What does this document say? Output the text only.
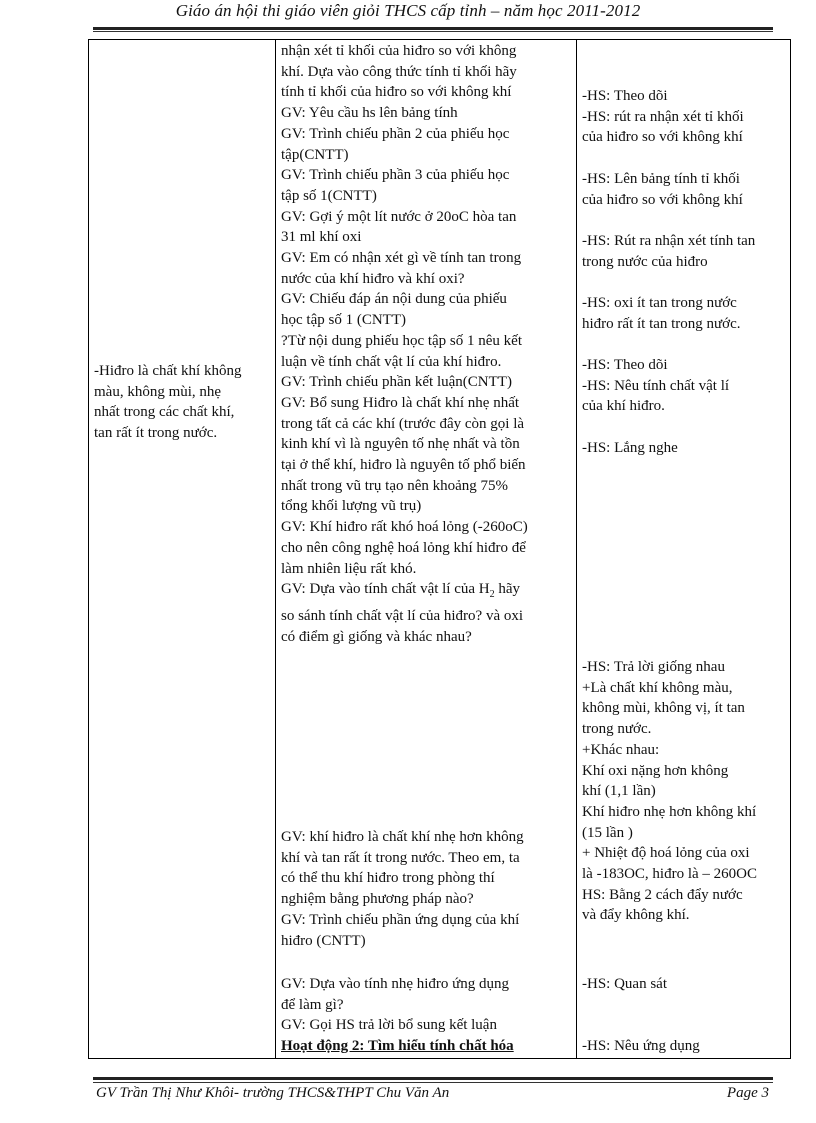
Giáo án hội thi giáo viên giỏi THCS cấp tỉnh – năm học 2011-2012

-Hiđro là chất khí không

màu, không mùi, nhẹ

nhất trong các chất khí,

tan rất ít trong nước.

nhận xét tỉ khối của hiđro so với không

khí. Dựa vào công thức tính tỉ khối hãy

tính tỉ khối của hiđro so với không khí

GV: Yêu cầu hs lên bảng tính

GV: Trình chiếu phần 2 của phiếu học

tập(CNTT)

GV: Trình chiếu phần 3 của phiếu học

tập số 1(CNTT)

GV: Gợi ý một lít nước ở 20oC hòa tan

31 ml khí oxi

GV: Em có nhận xét gì về tính tan trong

nước của khí hiđro và khí oxi?

GV: Chiếu đáp án nội dung của phiếu

học tập số 1 (CNTT)

?Từ nội dung phiếu học tập số 1 nêu kết

luận về tính chất vật lí của khí hiđro.

GV: Trình chiếu phần kết luận(CNTT)

GV: Bổ sung Hiđro là chất khí nhẹ nhất

trong tất cả các khí (trước đây còn gọi là

kinh khí vì là nguyên tố nhẹ nhất và tồn

tại ở thể khí, hiđro là nguyên tố phổ biến

nhất trong vũ trụ tạo nên khoảng 75%

tổng khối lượng vũ trụ)

GV: Khí hiđro rất khó hoá lỏng (-260oC)

cho nên công nghệ hoá lỏng khí hiđro để

làm nhiên liệu rất khó.

GV: Dựa vào tính chất vật lí của $H_2$ hãy

so sánh tính chất vật lí của hiđro? và oxi

có điểm gì giống và khác nhau?

-HS: Theo dõi

-HS: rút ra nhận xét tỉ khối

của hiđro so với không khí

-HS: Lên bảng tính tỉ khối

của hiđro so với không khí

-HS: Rút ra nhận xét tính tan

trong nước của hiđro

-HS: oxi ít tan trong nước

hiđro rất ít tan trong nước.

-HS: Theo dõi

-HS: Nêu tính chất vật lí

của khí hiđro.

-HS: Lắng nghe

-HS: Trả lời giống nhau

+Là chất khí không màu,

không mùi, không vị, ít tan

trong nước.

+Khác nhau:

Khí oxi nặng hơn không

khí (1,1 lần)

Khí hiđro nhẹ hơn không khí

(15 lần )

+ Nhiệt độ hoá lỏng của oxi

là -183OC, hiđro là – 260OC

HS: Bằng 2 cách đẩy nước

và đẩy không khí.

GV: khí hiđro là chất khí nhẹ hơn không

khí và tan rất ít trong nước. Theo em, ta

có thể thu khí hiđro trong phòng thí

nghiệm bằng phương pháp nào?

GV: Trình chiếu phần ứng dụng của khí

hiđro (CNTT)

GV: Dựa vào tính nhẹ hiđro ứng dụng

để làm gì?

GV: Gọi HS trả lời bổ sung kết luận

Hoạt động 2: Tìm hiểu tính chất hóa

-HS: Quan sát

-HS: Nêu ứng dụng

GV Trần Thị Như Khôi- trường THCS&THPT Chu Văn An	Page 3
